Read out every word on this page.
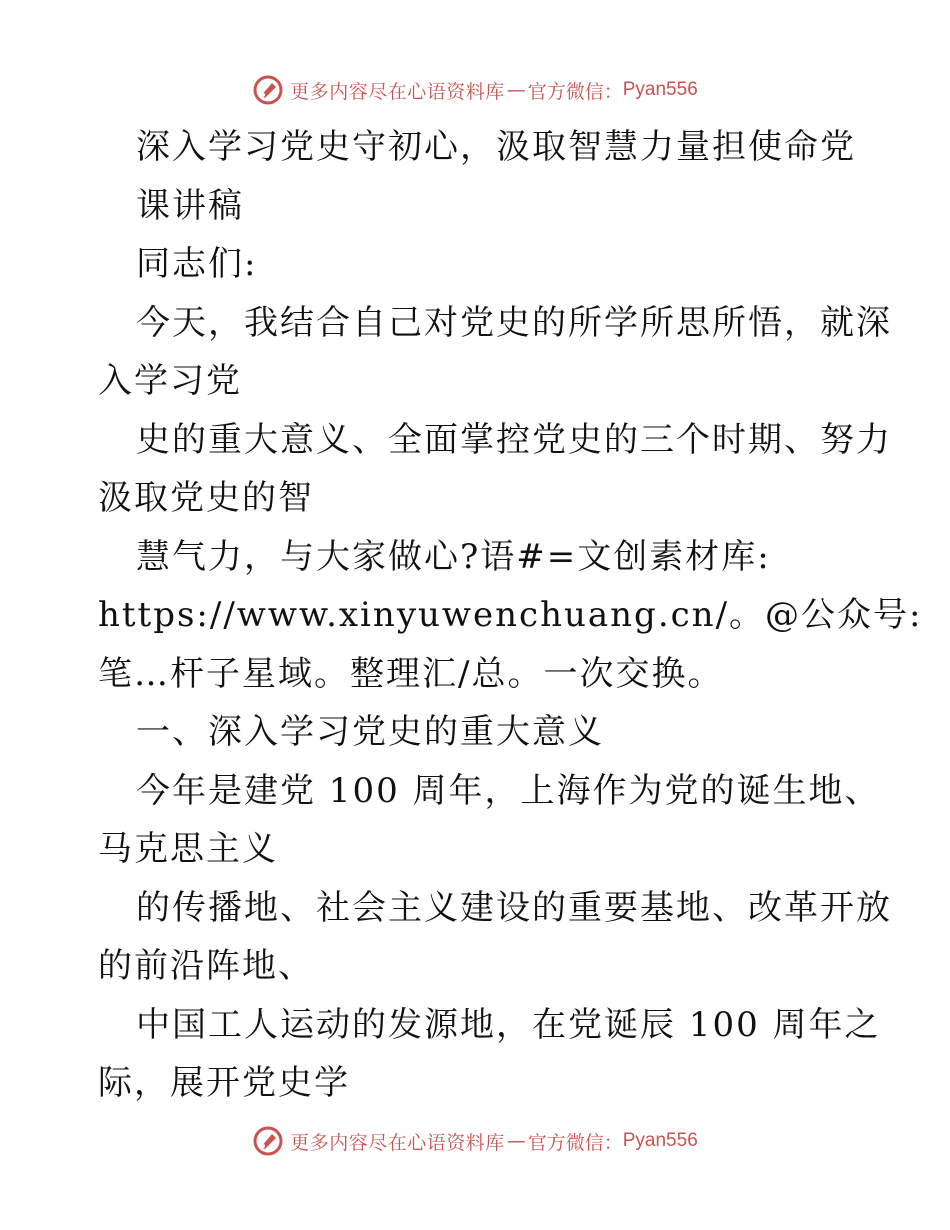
更多内容尽在心语资料库 — 官方微信： Pyan556

深入学习党史守初心，汲取智慧力量担使命党

课讲稿

同志们:

今天，我结合自己对党史的所学所思所悟，就深

入学习党

史的重大意义、全面掌控党史的三个时期、努力

汲取党史的智

慧气力，与大家做心?语#=文创素材库:

https://www.xinyuwenchuang.cn/。@公众号:

笔…杆子星域。整理汇/总。一次交换。

一、深入学习党史的重大意义

今年是建党 100 周年，上海作为党的诞生地、

马克思主义

的传播地、社会主义建设的重要基地、改革开放

的前沿阵地、

中国工人运动的发源地，在党诞辰 100 周年之

际，展开党史学

更多内容尽在心语资料库 — 官方微信： Pyan556
